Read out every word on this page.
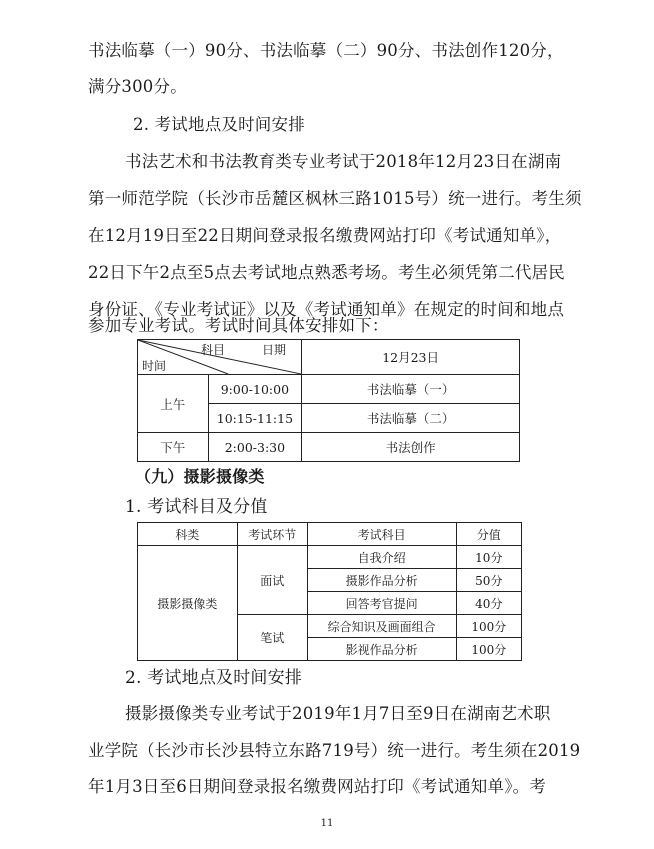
书法临摹（一）90分、书法临摹（二）90分、书法创作120分，
满分300分。
2. 考试地点及时间安排
书法艺术和书法教育类专业考试于2018年12月23日在湖南
第一师范学院（长沙市岳麓区枫林三路1015号）统一进行。考生须
在12月19日至22日期间登录报名缴费网站打印《考试通知单》，
22日下午2点至5点去考试地点熟悉考场。考生必须凭第二代居民
身份证、《专业考试证》以及《考试通知单》在规定的时间和地点
参加专业考试。考试时间具体安排如下：
科目 日期
时间		12月23日
上午	9:00-10:00	书法临摹（一）
	10:15-11:15	书法临摹（二）
下午	2:00-3:30	书法创作
（九）摄影摄像类
1. 考试科目及分值
科类	考试环节	考试科目	分值
摄影摄像类	面试	自我介绍	10分
		摄影作品分析	50分
		回答考官提问	40分
	笔试	综合知识及画面组合	100分
		影视作品分析	100分
2. 考试地点及时间安排
摄影摄像类专业考试于2019年1月7日至9日在湖南艺术职
业学院（长沙市长沙县特立东路719号）统一进行。考生须在2019
年1月3日至6日期间登录报名缴费网站打印《考试通知单》。考
11
